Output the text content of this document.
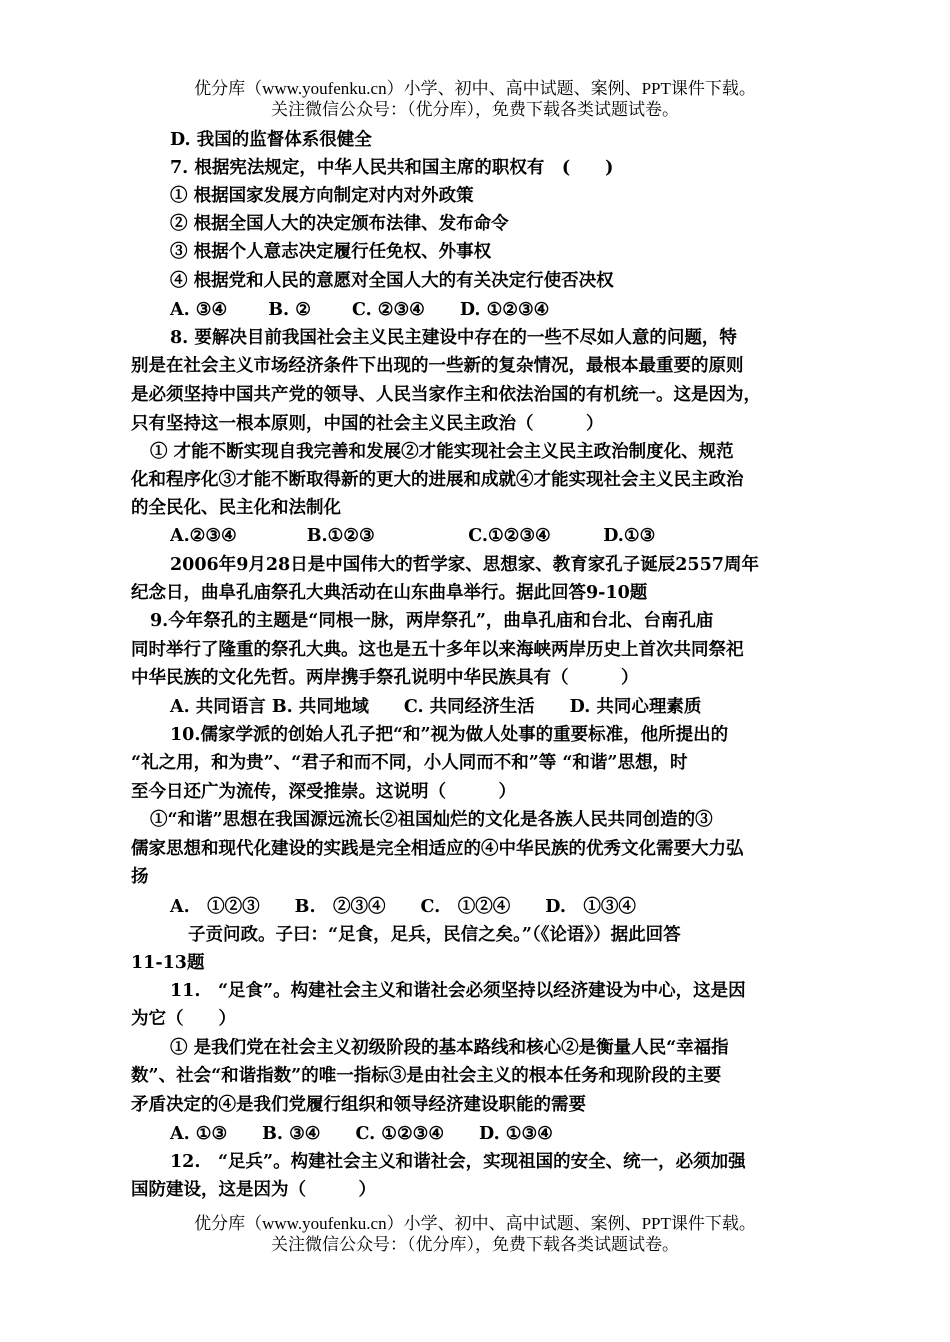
优分库（www.youfenku.cn）小学、初中、高中试题、案例、PPT课件下载。
关注微信公众号：（优分库），免费下载各类试题试卷。
D. 我国的监督体系很健全
7. 根据宪法规定，中华人民共和国主席的职权有　(　　)
① 根据国家发展方向制定对内对外政策
② 根据全国人大的决定颁布法律、发布命令
③ 根据个人意志决定履行任免权、外事权
④ 根据党和人民的意愿对全国人大的有关决定行使否决权
A. ③④　　 B. ②　　 C. ②③④　　D. ①②③④
8. 要解决目前我国社会主义民主建设中存在的一些不尽如人意的问题，特
别是在社会主义市场经济条件下出现的一些新的复杂情况，最根本最重要的原则
是必须坚持中国共产党的领导、人民当家作主和依法治国的有机统一。这是因为，
只有坚持这一根本原则，中国的社会主义民主政治（　　　）
① 才能不断实现自我完善和发展②才能实现社会主义民主政治制度化、规范
化和程序化③才能不断取得新的更大的进展和成就④才能实现社会主义民主政治
的全民化、民主化和法制化
A.②③④　　　　B.①②③　　　　　 C.①②③④　　　D.①③
2006年9月28日是中国伟大的哲学家、思想家、教育家孔子诞辰2557周年
纪念日，曲阜孔庙祭孔大典活动在山东曲阜举行。据此回答9-10题
9.今年祭孔的主题是“同根一脉，两岸祭孔”，曲阜孔庙和台北、台南孔庙
同时举行了隆重的祭孔大典。这也是五十多年以来海峡两岸历史上首次共同祭祀
中华民族的文化先哲。两岸携手祭孔说明中华民族具有（　　　）
A. 共同语言 B. 共同地域　　C. 共同经济生活　　D. 共同心理素质
10.儒家学派的创始人孔子把“和”视为做人处事的重要标准，他所提出的
“礼之用，和为贵”、“君子和而不同，小人同而不和”等 “和谐”思想，时
至今日还广为流传，深受推崇。这说明（　　　）
①“和谐”思想在我国源远流长②祖国灿烂的文化是各族人民共同创造的③
儒家思想和现代化建设的实践是完全相适应的④中华民族的优秀文化需要大力弘
扬
A.　①②③　　B.　②③④　　C.　①②④　　D.　①③④
子贡问政。子曰：“足食，足兵，民信之矣。”（《论语》）据此回答
11-13题
11.　“足食”。构建社会主义和谐社会必须坚持以经济建设为中心，这是因
为它（　　）
① 是我们党在社会主义初级阶段的基本路线和核心②是衡量人民“幸福指
数”、社会“和谐指数”的唯一指标③是由社会主义的根本任务和现阶段的主要
矛盾决定的④是我们党履行组织和领导经济建设职能的需要
A. ①③　　B. ③④　　C. ①②③④　　D. ①③④
12.　“足兵”。构建社会主义和谐社会，实现祖国的安全、统一，必须加强
国防建设，这是因为（　　　）
优分库（www.youfenku.cn）小学、初中、高中试题、案例、PPT课件下载。
关注微信公众号：（优分库），免费下载各类试题试卷。
